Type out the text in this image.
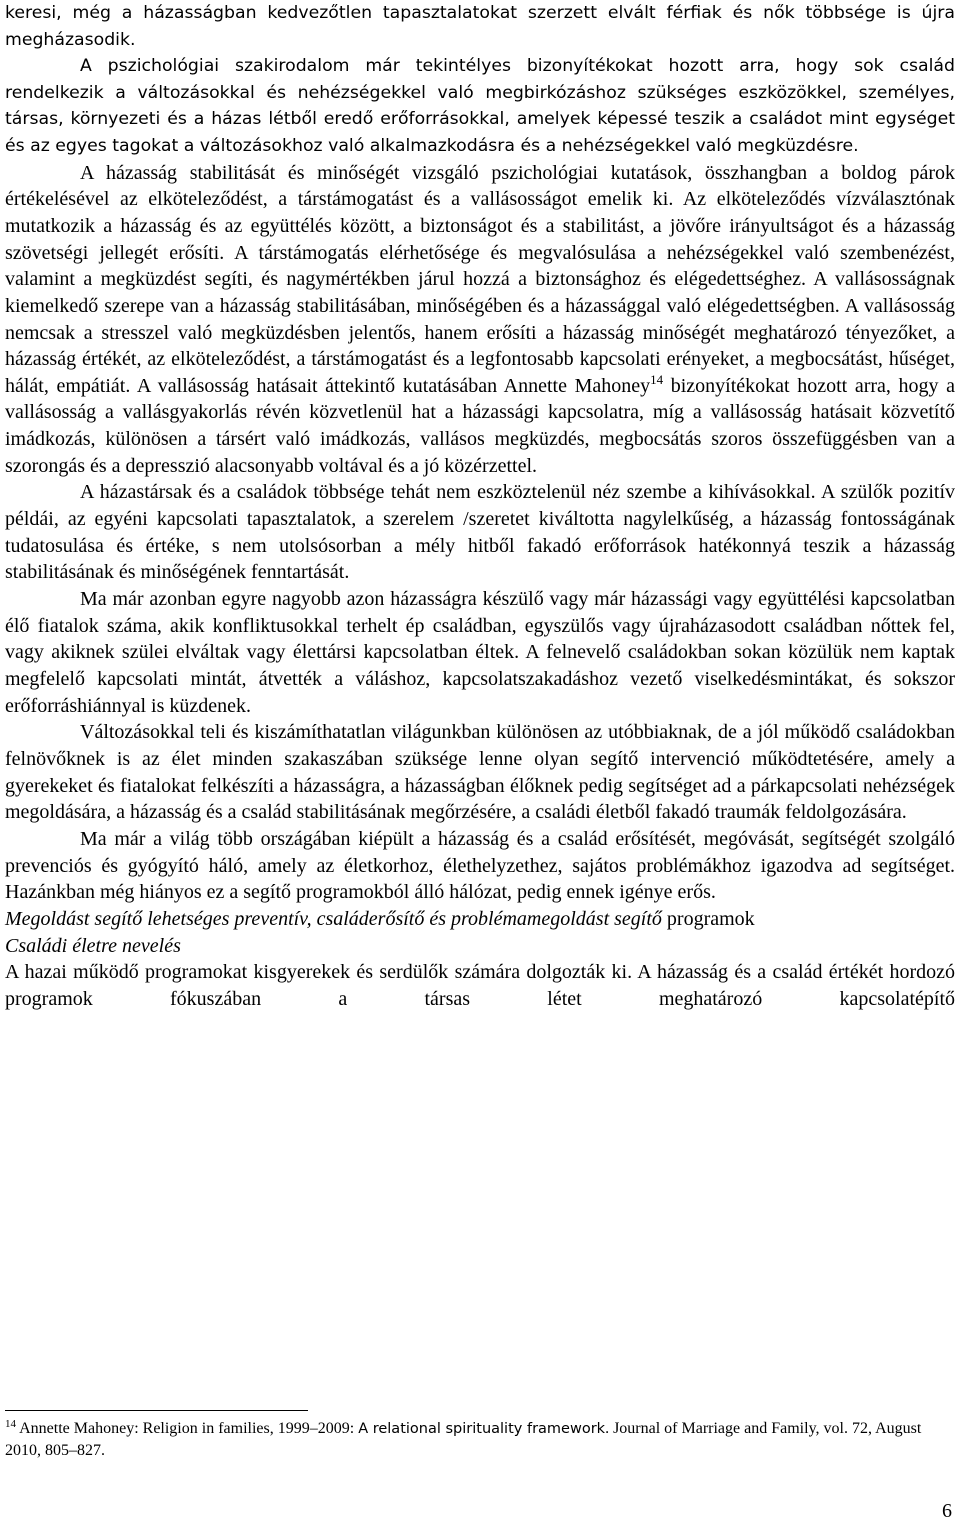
keresi, még a házasságban kedvezőtlen tapasztalatokat szerzett elvált férfiak és nők többsége is újra megházasodik.

A pszichológiai szakirodalom már tekintélyes bizonyítékokat hozott arra, hogy sok család rendelkezik a változásokkal és nehézségekkel való megbirkózáshoz szükséges eszközökkel, személyes, társas, környezeti és a házas létből eredő erőforrásokkal, amelyek képessé teszik a családot mint egységet és az egyes tagokat a változásokhoz való alkalmazkodásra és a nehézségekkel való megküzdésre.

A házasság stabilitását és minőségét vizsgáló pszichológiai kutatások, összhangban a boldog párok értékelésével az elköteleződést, a társtámogatást és a vallásosságot emelik ki. Az elköteleződés vízválasztónak mutatkozik a házasság és az együttélés között, a biztonságot és a stabilitást, a jövőre irányultságot és a házasság szövetségi jellegét erősíti. A társtámogatás elérhetősége és megvalósulása a nehézségekkel való szembenézést, valamint a megküzdést segíti, és nagymértékben járul hozzá a biztonsághoz és elégedettséghez. A vallásosságnak kiemelkedő szerepe van a házasság stabilitásában, minőségében és a házassággal való elégedettségben. A vallásosság nemcsak a stresszel való megküzdésben jelentős, hanem erősíti a házasság minőségét meghatározó tényezőket, a házasság értékét, az elköteleződést, a társtámogatást és a legfontosabb kapcsolati erényeket, a megbocsátást, hűséget, hálát, empátiát. A vallásosság hatásait áttekintő kutatásában Annette Mahoney$^{14}$ bizonyítékokat hozott arra, hogy a vallásosság a vallásgyakorlás révén közvetlenül hat a házassági kapcsolatra, míg a vallásosság hatásait közvetítő imádkozás, különösen a társért való imádkozás, vallásos megküzdés, megbocsátás szoros összefüggésben van a szorongás és a depresszió alacsonyabb voltával és a jó közérzettel.

A házastársak és a családok többsége tehát nem eszköztelenül néz szembe a kihívásokkal. A szülők pozitív példái, az egyéni kapcsolati tapasztalatok, a szerelem /szeretet kiváltotta nagylelkűség, a házasság fontosságának tudatosulása és értéke, s nem utolsósorban a mély hitből fakadó erőforrások hatékonnyá teszik a házasság stabilitásának és minőségének fenntartását.

Ma már azonban egyre nagyobb azon házasságra készülő vagy már házassági vagy együttélési kapcsolatban élő fiatalok száma, akik konfliktusokkal terhelt ép családban, egyszülős vagy újraházasodott családban nőttek fel, vagy akiknek szülei elváltak vagy élettársi kapcsolatban éltek. A felnevelő családokban sokan közülük nem kaptak megfelelő kapcsolati mintát, átvették a váláshoz, kapcsolatszakadáshoz vezető viselkedésmintákat, és sokszor erőforráshiánnyal is küzdenek.

Változásokkal teli és kiszámíthatatlan világunkban különösen az utóbbiaknak, de a jól működő családokban felnövőknek is az élet minden szakaszában szüksége lenne olyan segítő intervenció működtetésére, amely a gyerekeket és fiatalokat felkészíti a házasságra, a házasságban élőknek pedig segítséget ad a párkapcsolati nehézségek megoldására, a házasság és a család stabilitásának megőrzésére, a családi életből fakadó traumák feldolgozására.

Ma már a világ több országában kiépült a házasság és a család erősítését, megóvását, segítségét szolgáló prevenciós és gyógyító háló, amely az életkorhoz, élethelyzethez, sajátos problémákhoz igazodva ad segítséget. Hazánkban még hiányos ez a segítő programokból álló hálózat, pedig ennek igénye erős.

Megoldást segítő lehetséges preventív, családerősítő és problémamegoldást segítő programok

Családi életre nevelés

A hazai működő programokat kisgyerekek és serdülők számára dolgozták ki. A házasság és a család értékét hordozó programok fókuszában a társas létet meghatározó kapcsolatépítő

$^{14}$ Annette Mahoney: Religion in families, 1999–2009: A relational spirituality framework. Journal of Marriage and Family, vol. 72, August 2010, 805–827.

6
